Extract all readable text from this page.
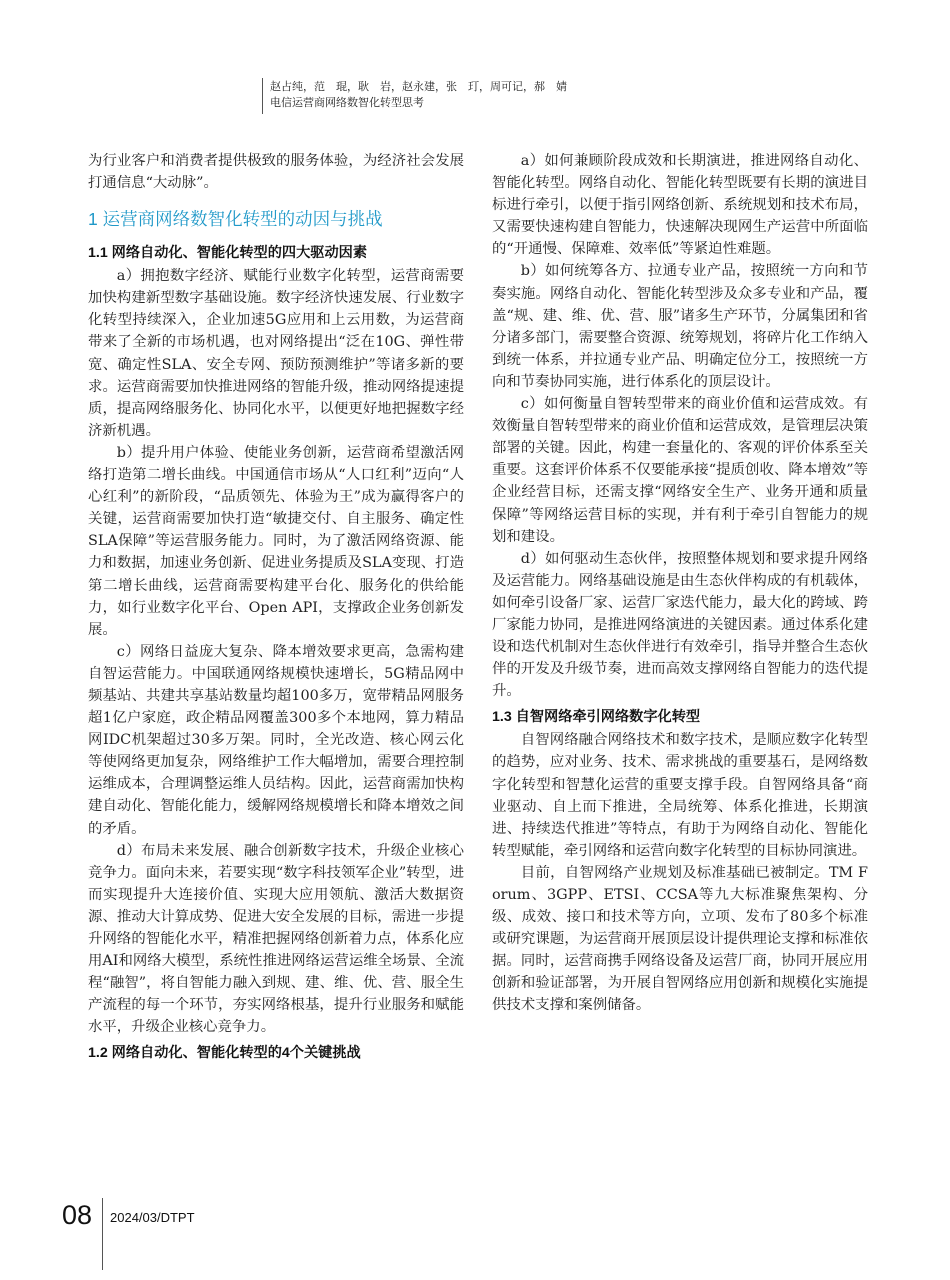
赵占纯，范　琨，耿　岩，赵永建，张　玎，周可记，郝　婧
电信运营商网络数智化转型思考

为行业客户和消费者提供极致的服务体验，为经济社会发展打通信息“大动脉”。

1 运营商网络数智化转型的动因与挑战
1.1 网络自动化、智能化转型的四大驱动因素

a）拥抱数字经济、赋能行业数字化转型，运营商需要加快构建新型数字基础设施。数字经济快速发展、行业数字化转型持续深入，企业加速5G应用和上云用数，为运营商带来了全新的市场机遇，也对网络提出“泛在10G、弹性带宽、确定性SLA、安全专网、预防预测维护”等诸多新的要求。运营商需要加快推进网络的智能升级，推动网络提速提质，提高网络服务化、协同化水平，以便更好地把握数字经济新机遇。

b）提升用户体验、使能业务创新，运营商希望激活网络打造第二增长曲线。中国通信市场从“人口红利”迈向“人心红利”的新阶段，“品质领先、体验为王”成为赢得客户的关键，运营商需要加快打造“敏捷交付、自主服务、确定性SLA保障”等运营服务能力。同时，为了激活网络资源、能力和数据，加速业务创新、促进业务提质及SLA变现、打造第二增长曲线，运营商需要构建平台化、服务化的供给能力，如行业数字化平台、Open API，支撑政企业务创新发展。

c）网络日益庞大复杂、降本增效要求更高，急需构建自智运营能力。中国联通网络规模快速增长，5G精品网中频基站、共建共享基站数量均超100多万，宽带精品网服务超1亿户家庭，政企精品网覆盖300多个本地网，算力精品网IDC机架超过30多万架。同时，全光改造、核心网云化等使网络更加复杂，网络维护工作大幅增加，需要合理控制运维成本，合理调整运维人员结构。因此，运营商需加快构建自动化、智能化能力，缓解网络规模增长和降本增效之间的矛盾。

d）布局未来发展、融合创新数字技术，升级企业核心竞争力。面向未来，若要实现“数字科技领军企业”转型，进而实现提升大连接价值、实现大应用领航、激活大数据资源、推动大计算成势、促进大安全发展的目标，需进一步提升网络的智能化水平，精准把握网络创新着力点，体系化应用AI和网络大模型，系统性推进网络运营运维全场景、全流程“融智”，将自智能力融入到规、建、维、优、营、服全生产流程的每一个环节，夯实网络根基，提升行业服务和赋能水平，升级企业核心竞争力。

1.2 网络自动化、智能化转型的4个关键挑战

a）如何兼顾阶段成效和长期演进，推进网络自动化、智能化转型。网络自动化、智能化转型既要有长期的演进目标进行牵引，以便于指引网络创新、系统规划和技术布局，又需要快速构建自智能力，快速解决现网生产运营中所面临的“开通慢、保障难、效率低”等紧迫性难题。

b）如何统筹各方、拉通专业产品，按照统一方向和节奏实施。网络自动化、智能化转型涉及众多专业和产品，覆盖“规、建、维、优、营、服”诸多生产环节，分属集团和省分诸多部门，需要整合资源、统筹规划，将碎片化工作纳入到统一体系，并拉通专业产品、明确定位分工，按照统一方向和节奏协同实施，进行体系化的顶层设计。

c）如何衡量自智转型带来的商业价值和运营成效。有效衡量自智转型带来的商业价值和运营成效，是管理层决策部署的关键。因此，构建一套量化的、客观的评价体系至关重要。这套评价体系不仅要能承接“提质创收、降本增效”等企业经营目标，还需支撑“网络安全生产、业务开通和质量保障”等网络运营目标的实现，并有利于牵引自智能力的规划和建设。

d）如何驱动生态伙伴，按照整体规划和要求提升网络及运营能力。网络基础设施是由生态伙伴构成的有机载体，如何牵引设备厂家、运营厂家迭代能力，最大化的跨域、跨厂家能力协同，是推进网络演进的关键因素。通过体系化建设和迭代机制对生态伙伴进行有效牵引，指导并整合生态伙伴的开发及升级节奏，进而高效支撑网络自智能力的迭代提升。

1.3 自智网络牵引网络数字化转型

自智网络融合网络技术和数字技术，是顺应数字化转型的趋势，应对业务、技术、需求挑战的重要基石，是网络数字化转型和智慧化运营的重要支撑手段。自智网络具备“商业驱动、自上而下推进，全局统筹、体系化推进，长期演进、持续迭代推进”等特点，有助于为网络自动化、智能化转型赋能，牵引网络和运营向数字化转型的目标协同演进。

目前，自智网络产业规划及标准基础已被制定。TM Forum、3GPP、ETSI、CCSA等九大标准聚焦架构、分级、成效、接口和技术等方向，立项、发布了80多个标准或研究课题，为运营商开展顶层设计提供理论支撑和标准依据。同时，运营商携手网络设备及运营厂商，协同开展应用创新和验证部署，为开展自智网络应用创新和规模化实施提供技术支撑和案例储备。

08 2024/03/DTPT
